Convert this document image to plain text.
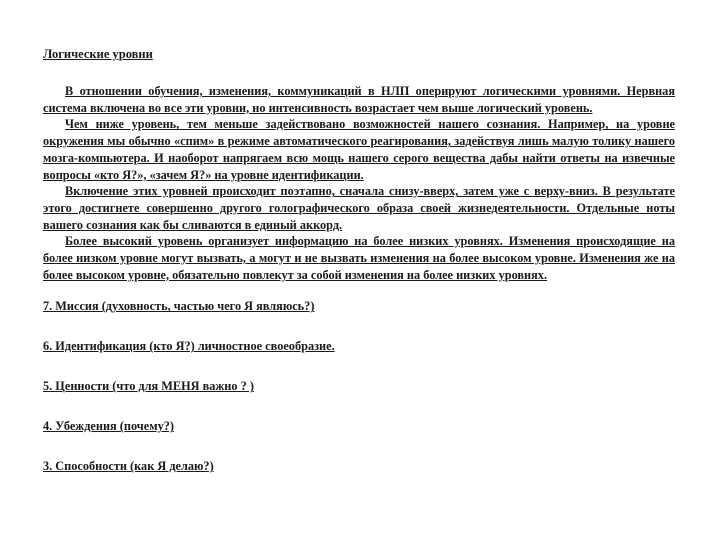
Логические уровни
В отношении обучения, изменения, коммуникаций в НЛП оперируют логическими уровнями. Нервная система включена во все эти уровни, но интенсивность возрастает чем выше логический уровень.
Чем ниже уровень, тем меньше задействовано возможностей нашего сознания. Например, на уровне окружения мы обычно «спим» в режиме автоматического реагирования, задействуя лишь малую толику нашего мозга-компьютера. И наоборот напрягаем всю мощь нашего серого вещества дабы найти ответы на извечные вопросы «кто Я?», «зачем Я?» на уровне идентификации.
Включение этих уровней происходит поэтапно, сначала снизу-вверх, затем уже с верху-вниз. В результате этого достигнете совершенно другого голографического образа своей жизнедеятельности. Отдельные ноты вашего сознания как бы сливаются в единый аккорд.
Более высокий уровень организует информацию на более низких уровнях. Изменения происходящие на более низком уровне могут вызвать, а могут и не вызвать изменения на более высоком уровне. Изменения же на более высоком уровне, обязательно повлекут за собой изменения на более низких уровнях.
7. Миссия (духовность, частью чего Я являюсь?)
6. Идентификация (кто Я?) личностное своеобразие.
5. Ценности (что для МЕНЯ важно ? )
4. Убеждения (почему?)
3. Способности (как Я делаю?)
